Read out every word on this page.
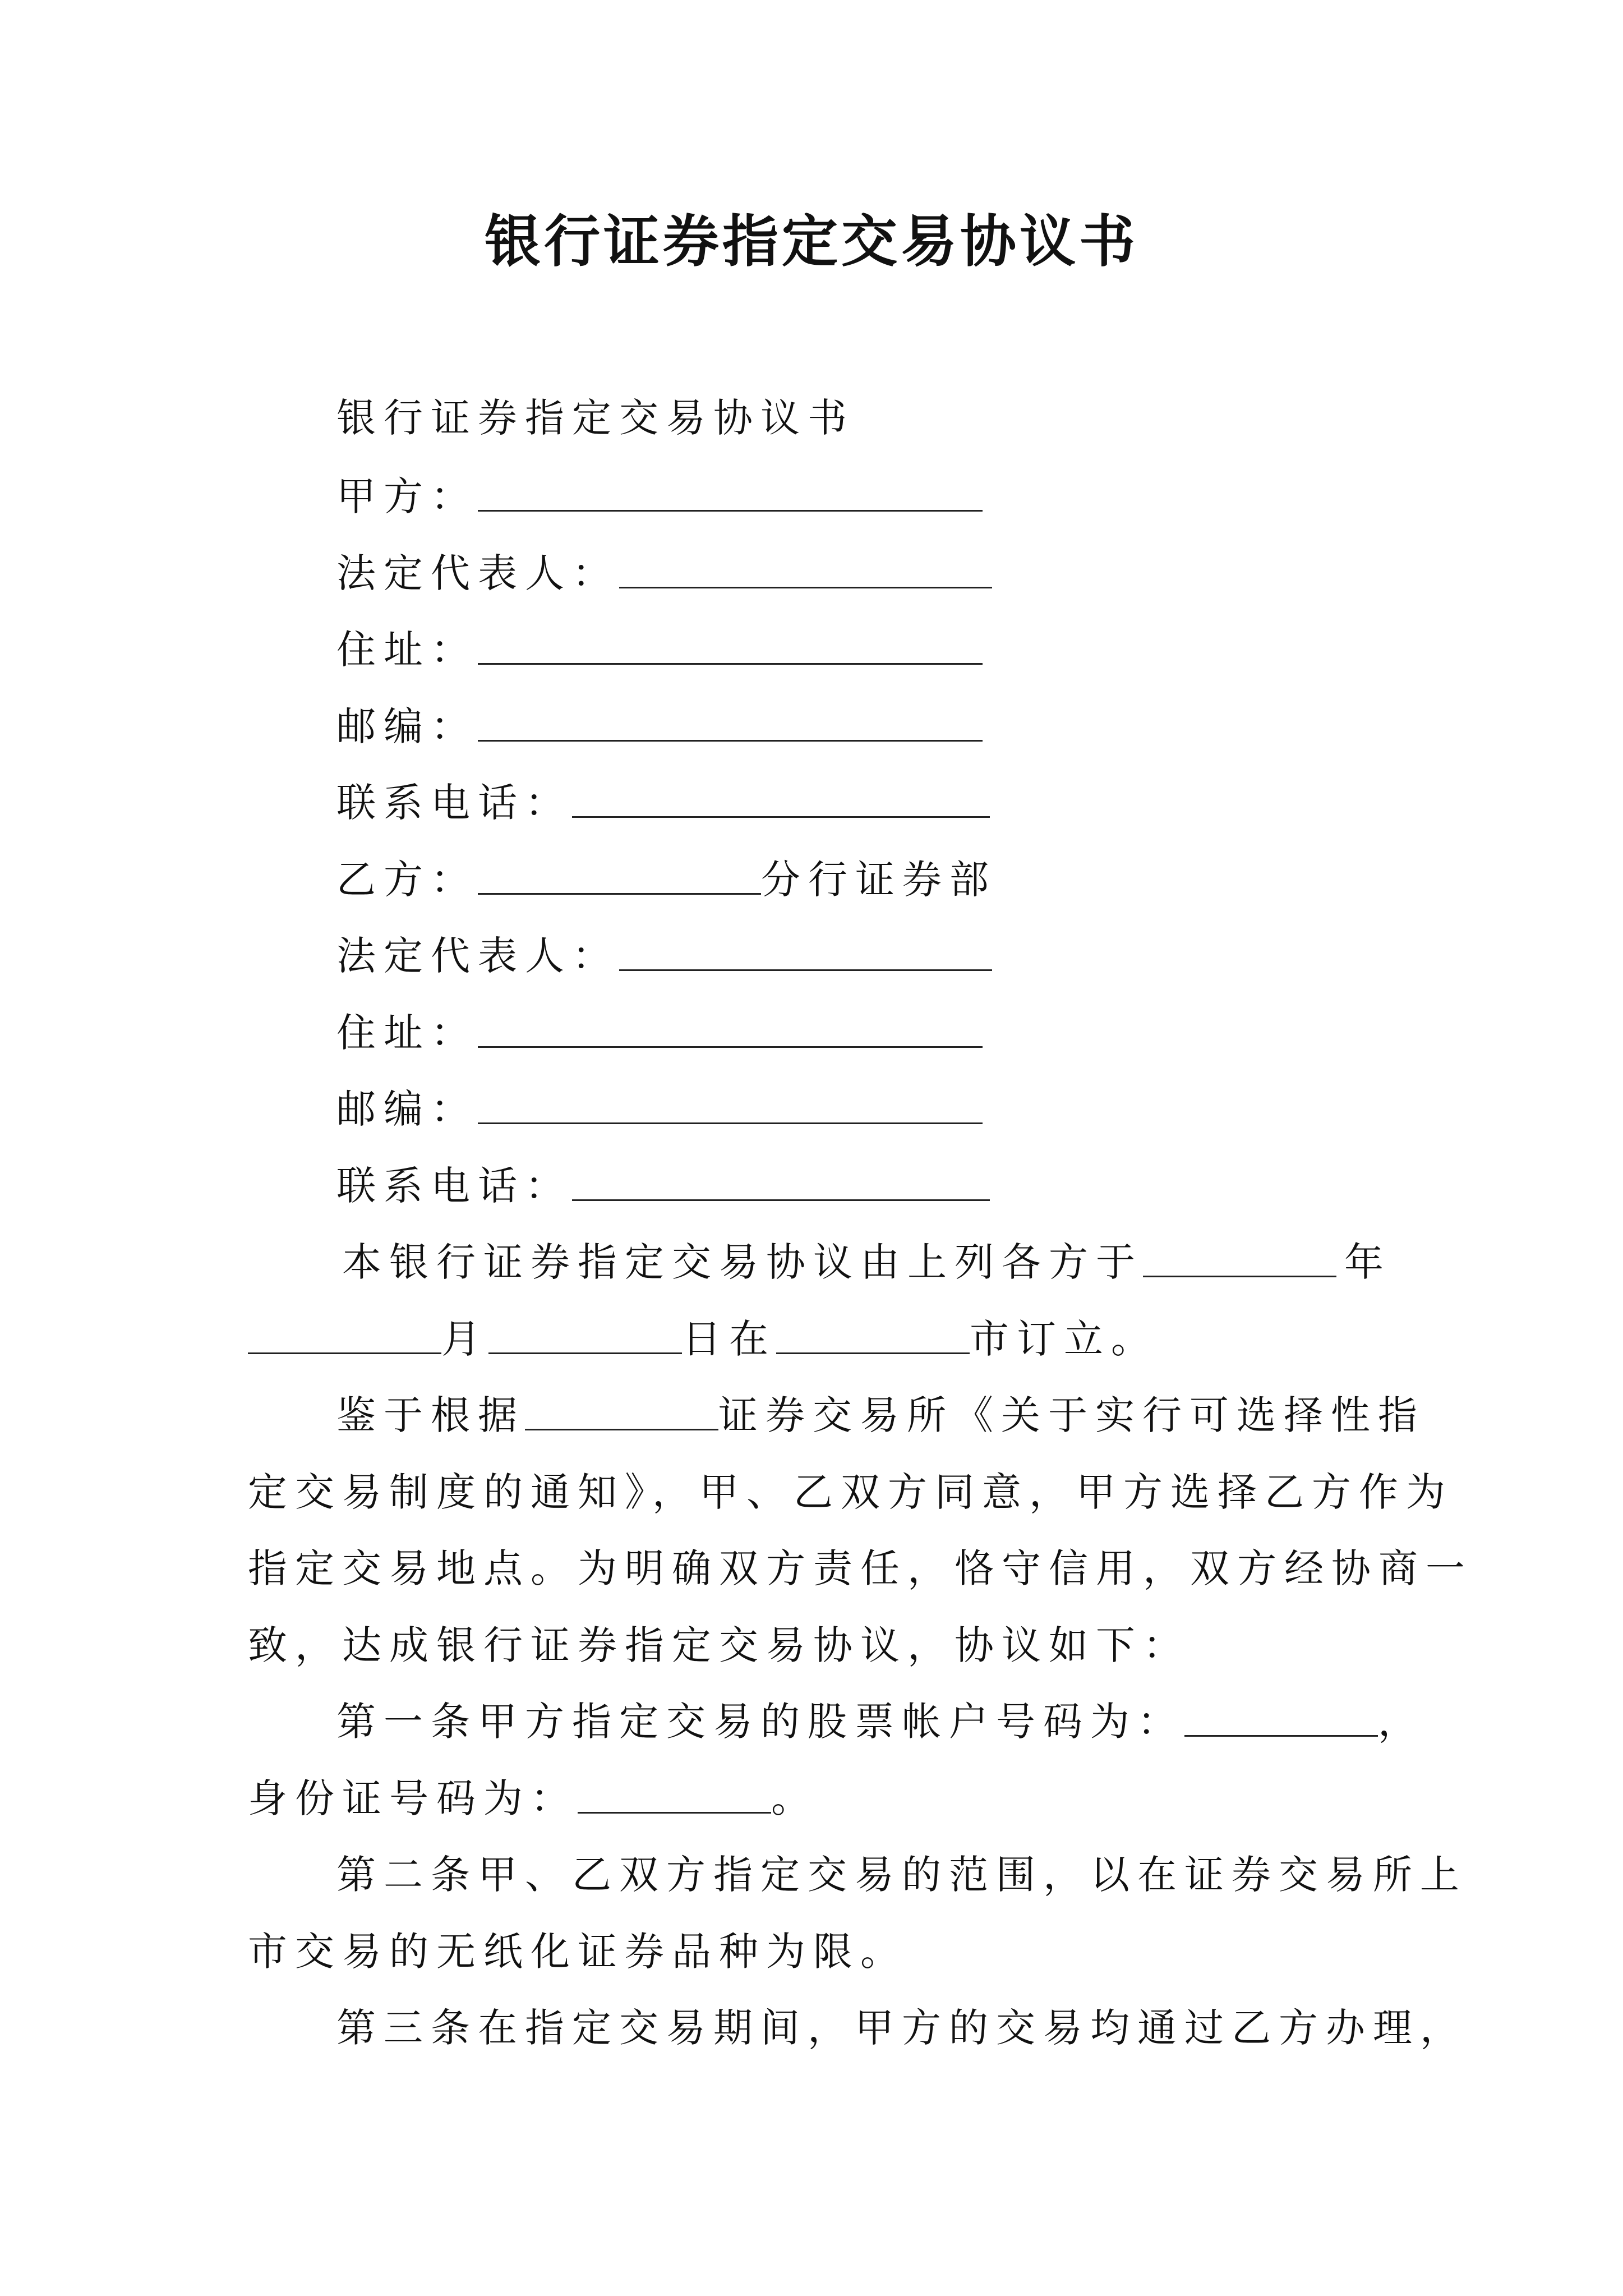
银行证券指定交易协议书
银行证券指定交易协议书
甲方：
法定代表人：
住址：
邮编：
联系电话：
乙方：	分行证券部
法定代表人：
住址：
邮编：
联系电话：
本银行证券指定交易协议由上列各方于	年
月	日在	市订立。
鉴于根据	证券交易所《关于实行可选择性指
定交易制度的通知》，甲、乙双方同意，甲方选择乙方作为
指定交易地点。为明确双方责任，恪守信用，双方经协商一
致，达成银行证券指定交易协议，协议如下：
第一条甲方指定交易的股票帐户号码为：	，
身份证号码为：	。
第二条甲、乙双方指定交易的范围，以在证券交易所上
市交易的无纸化证券品种为限。
第三条在指定交易期间，甲方的交易均通过乙方办理，
